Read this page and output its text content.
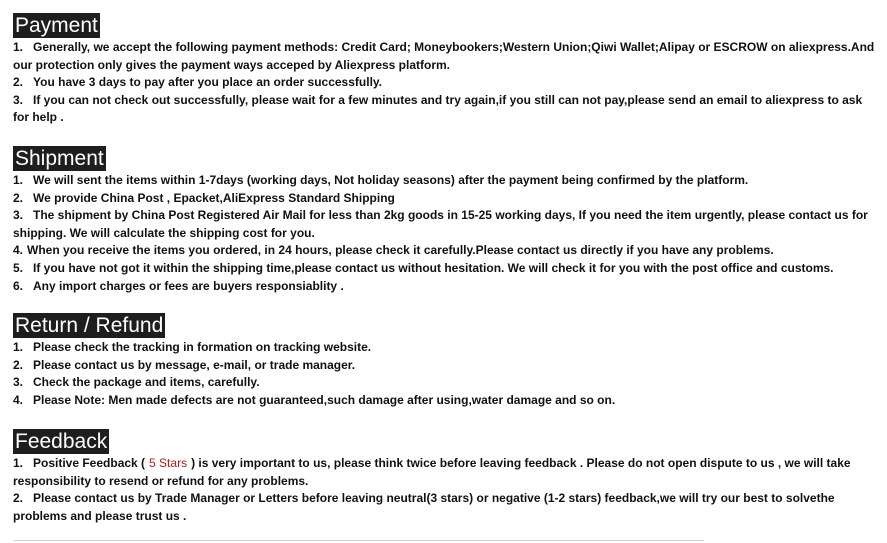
Payment

1. Generally, we accept the following payment methods: Credit Card; Moneybookers;Western Union;Qiwi Wallet;Alipay or ESCROW on aliexpress.And our protection only gives the payment ways acceped by Aliexpress platform.

2. You have 3 days to pay after you place an order successfully.

3. If you can not check out successfully, please wait for a few minutes and try again,if you still can not pay,please send an email to aliexpress to ask for help .

Shipment

1. We will sent the items within 1-7days (working days, Not holiday seasons) after the payment being confirmed by the platform.

2. We provide China Post , Epacket,AliExpress Standard Shipping

3. The shipment by China Post Registered Air Mail for less than 2kg goods in 15-25 working days, If you need the item urgently, please contact us for shipping. We will calculate the shipping cost for you.

4. When you receive the items you ordered, in 24 hours, please check it carefully.Please contact us directly if you have any problems.

5. If you have not got it within the shipping time,please contact us without hesitation. We will check it for you with the post office and customs.

6. Any import charges or fees are buyers responsiablity .

Return / Refund

1. Please check the tracking in formation on tracking website.

2. Please contact us by message, e-mail, or trade manager.

3. Check the package and items, carefully.

4. Please Note: Men made defects are not guaranteed,such damage after using,water damage and so on.

Feedback

1. Positive Feedback ( 5 Stars ) is very important to us, please think twice before leaving feedback . Please do not open dispute to us , we will take responsibility to resend or refund for any problems.

2. Please contact us by Trade Manager or Letters before leaving neutral(3 stars) or negative (1-2 stars) feedback,we will try our best to solvethe problems and please trust us .
